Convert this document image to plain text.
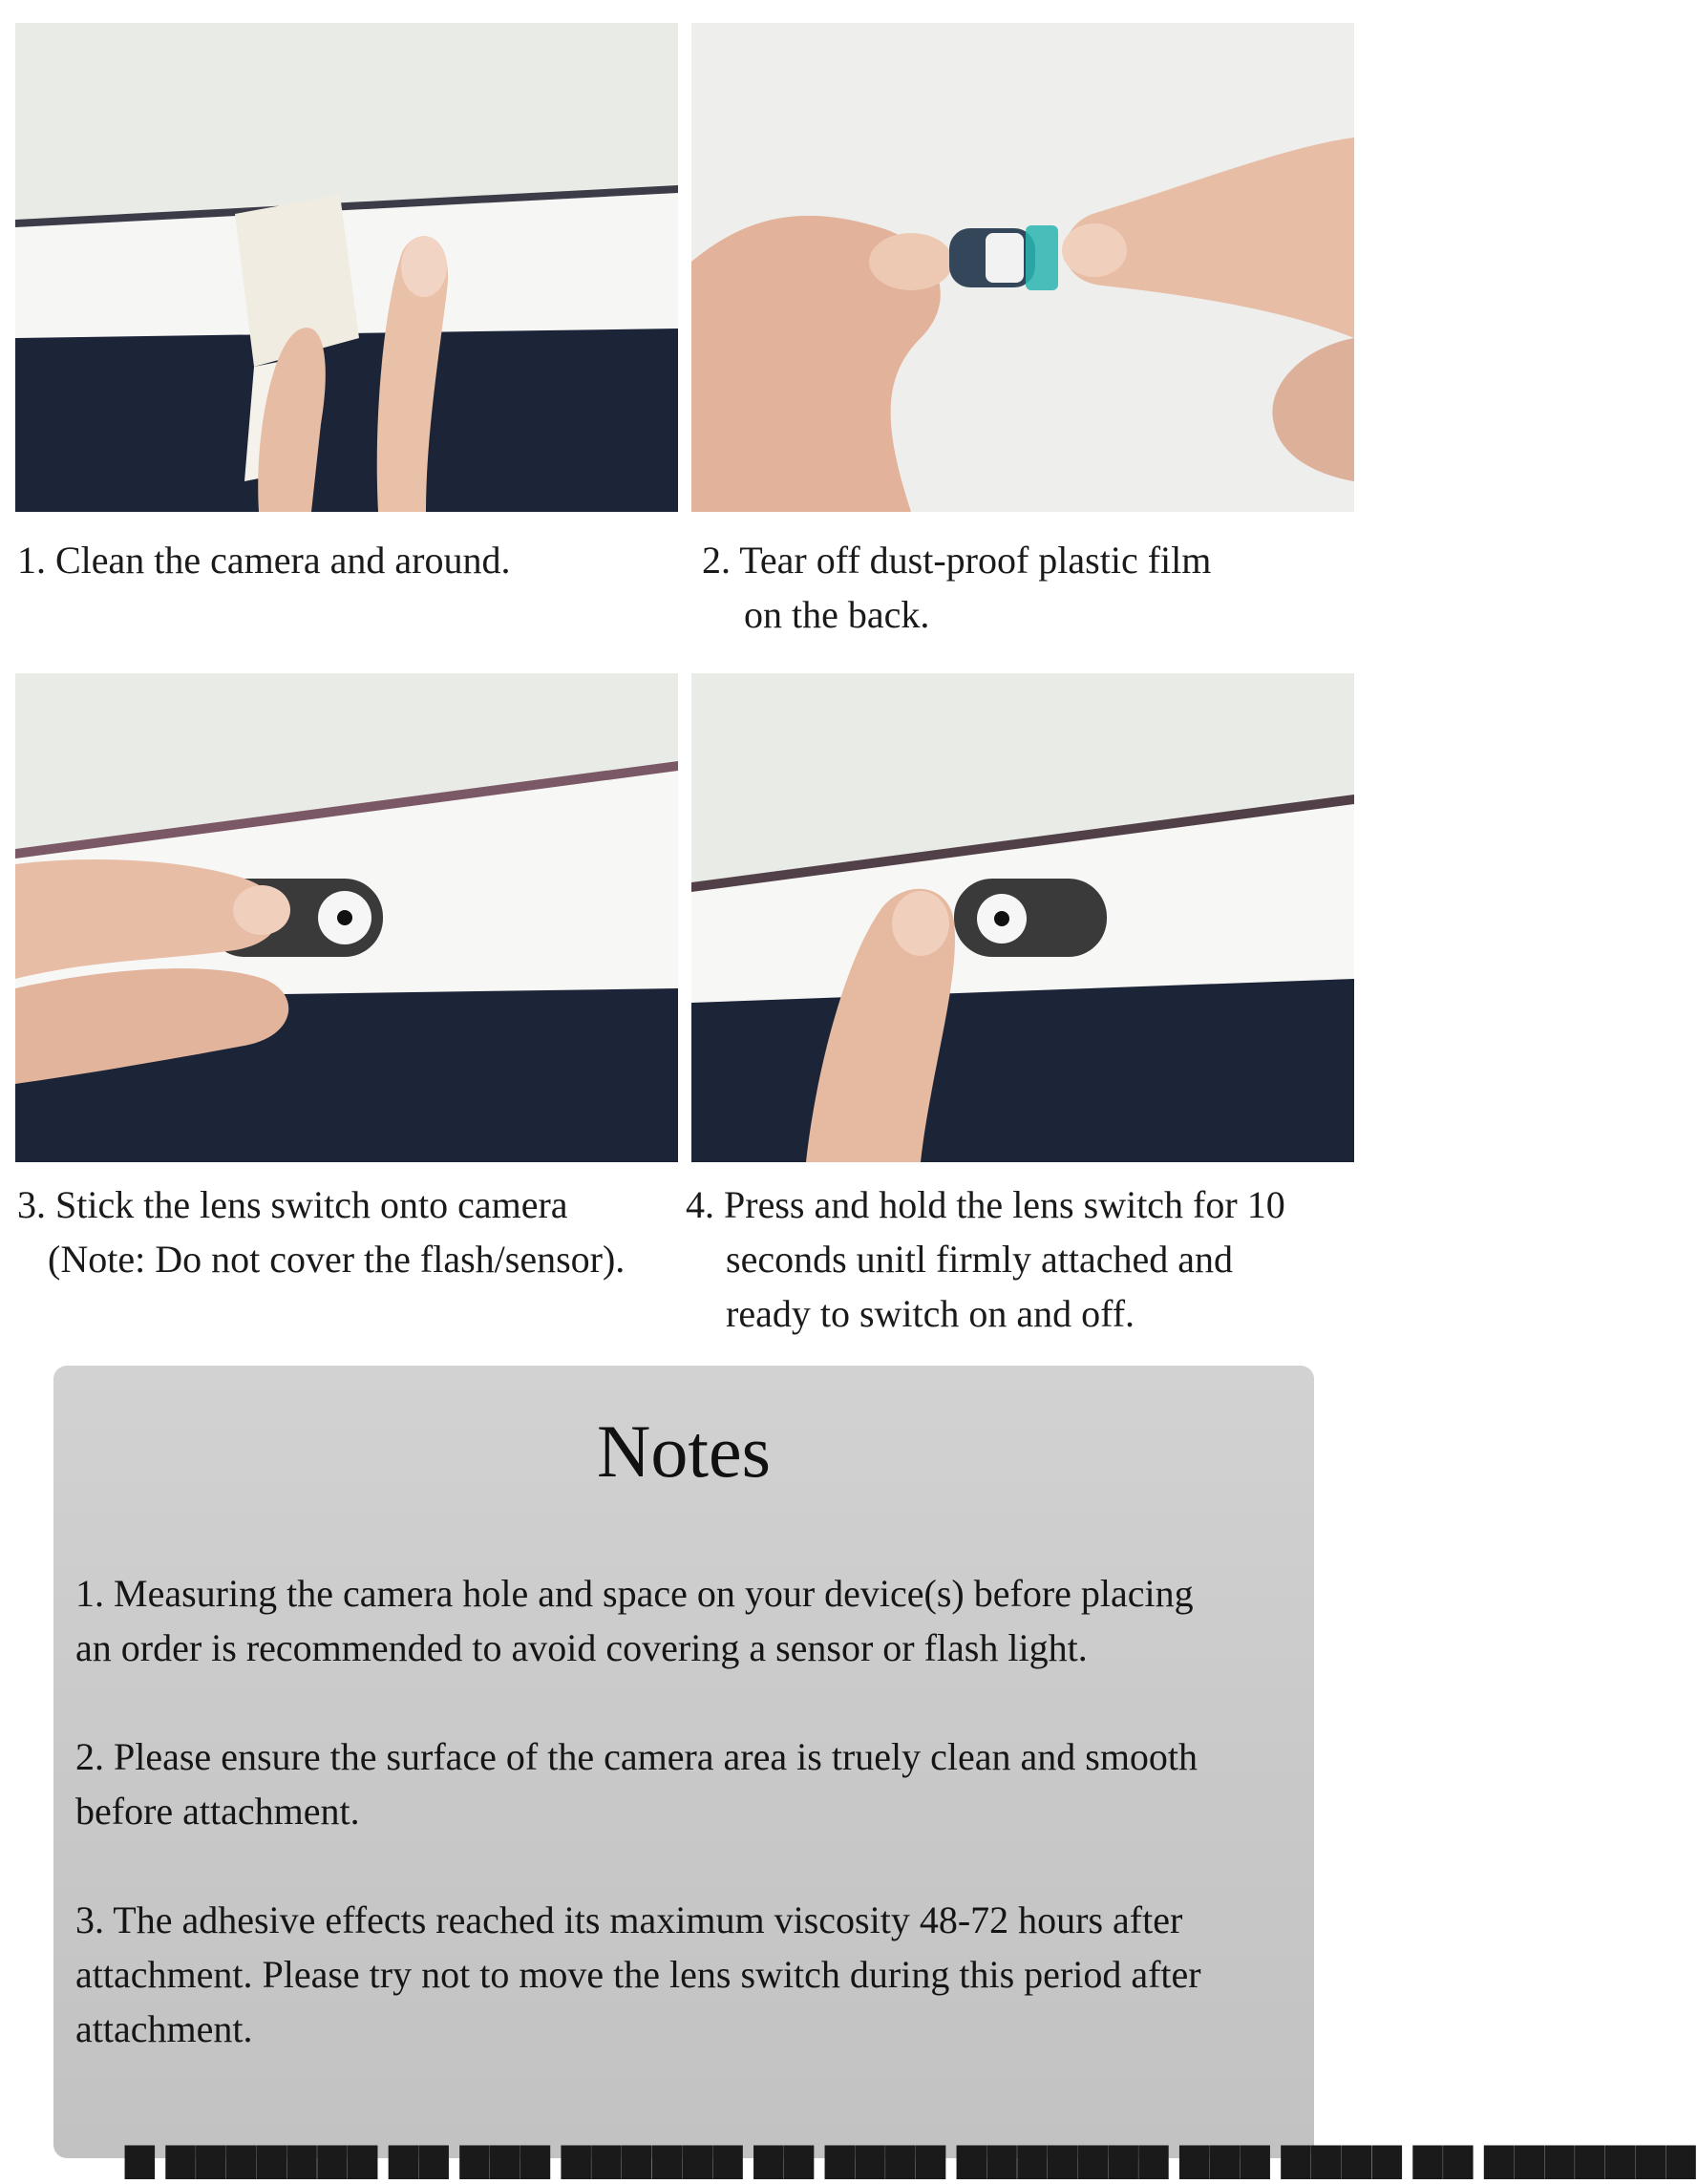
1. Clean the camera and around.	2. Tear off dust-proof plastic film
on the back.
3. Stick the lens switch onto camera
(Note: Do not cover the flash/sensor).
4. Press and hold the lens switch for 10
seconds unitl firmly attached and
ready to switch on and off.
Notes
1. Measuring the camera hole and space on your device(s) before placing
an order is recommended to avoid covering a sensor or flash light.
2. Please ensure the surface of the camera area is truely clean and smooth
before attachment.
3. The adhesive effects reached its maximum viscosity 48-72 hours after
attachment. Please try not to move the lens switch during this period after
attachment.
▆ ▆▆▆▆▆▆▆ ▆▆ ▆▆▆ ▆▆▆▆▆▆ ▆▆ ▆▆▆▆ ▆▆▆▆▆▆▆ ▆▆▆ ▆▆▆▆ ▆▆ ▆▆▆▆▆▆▆
